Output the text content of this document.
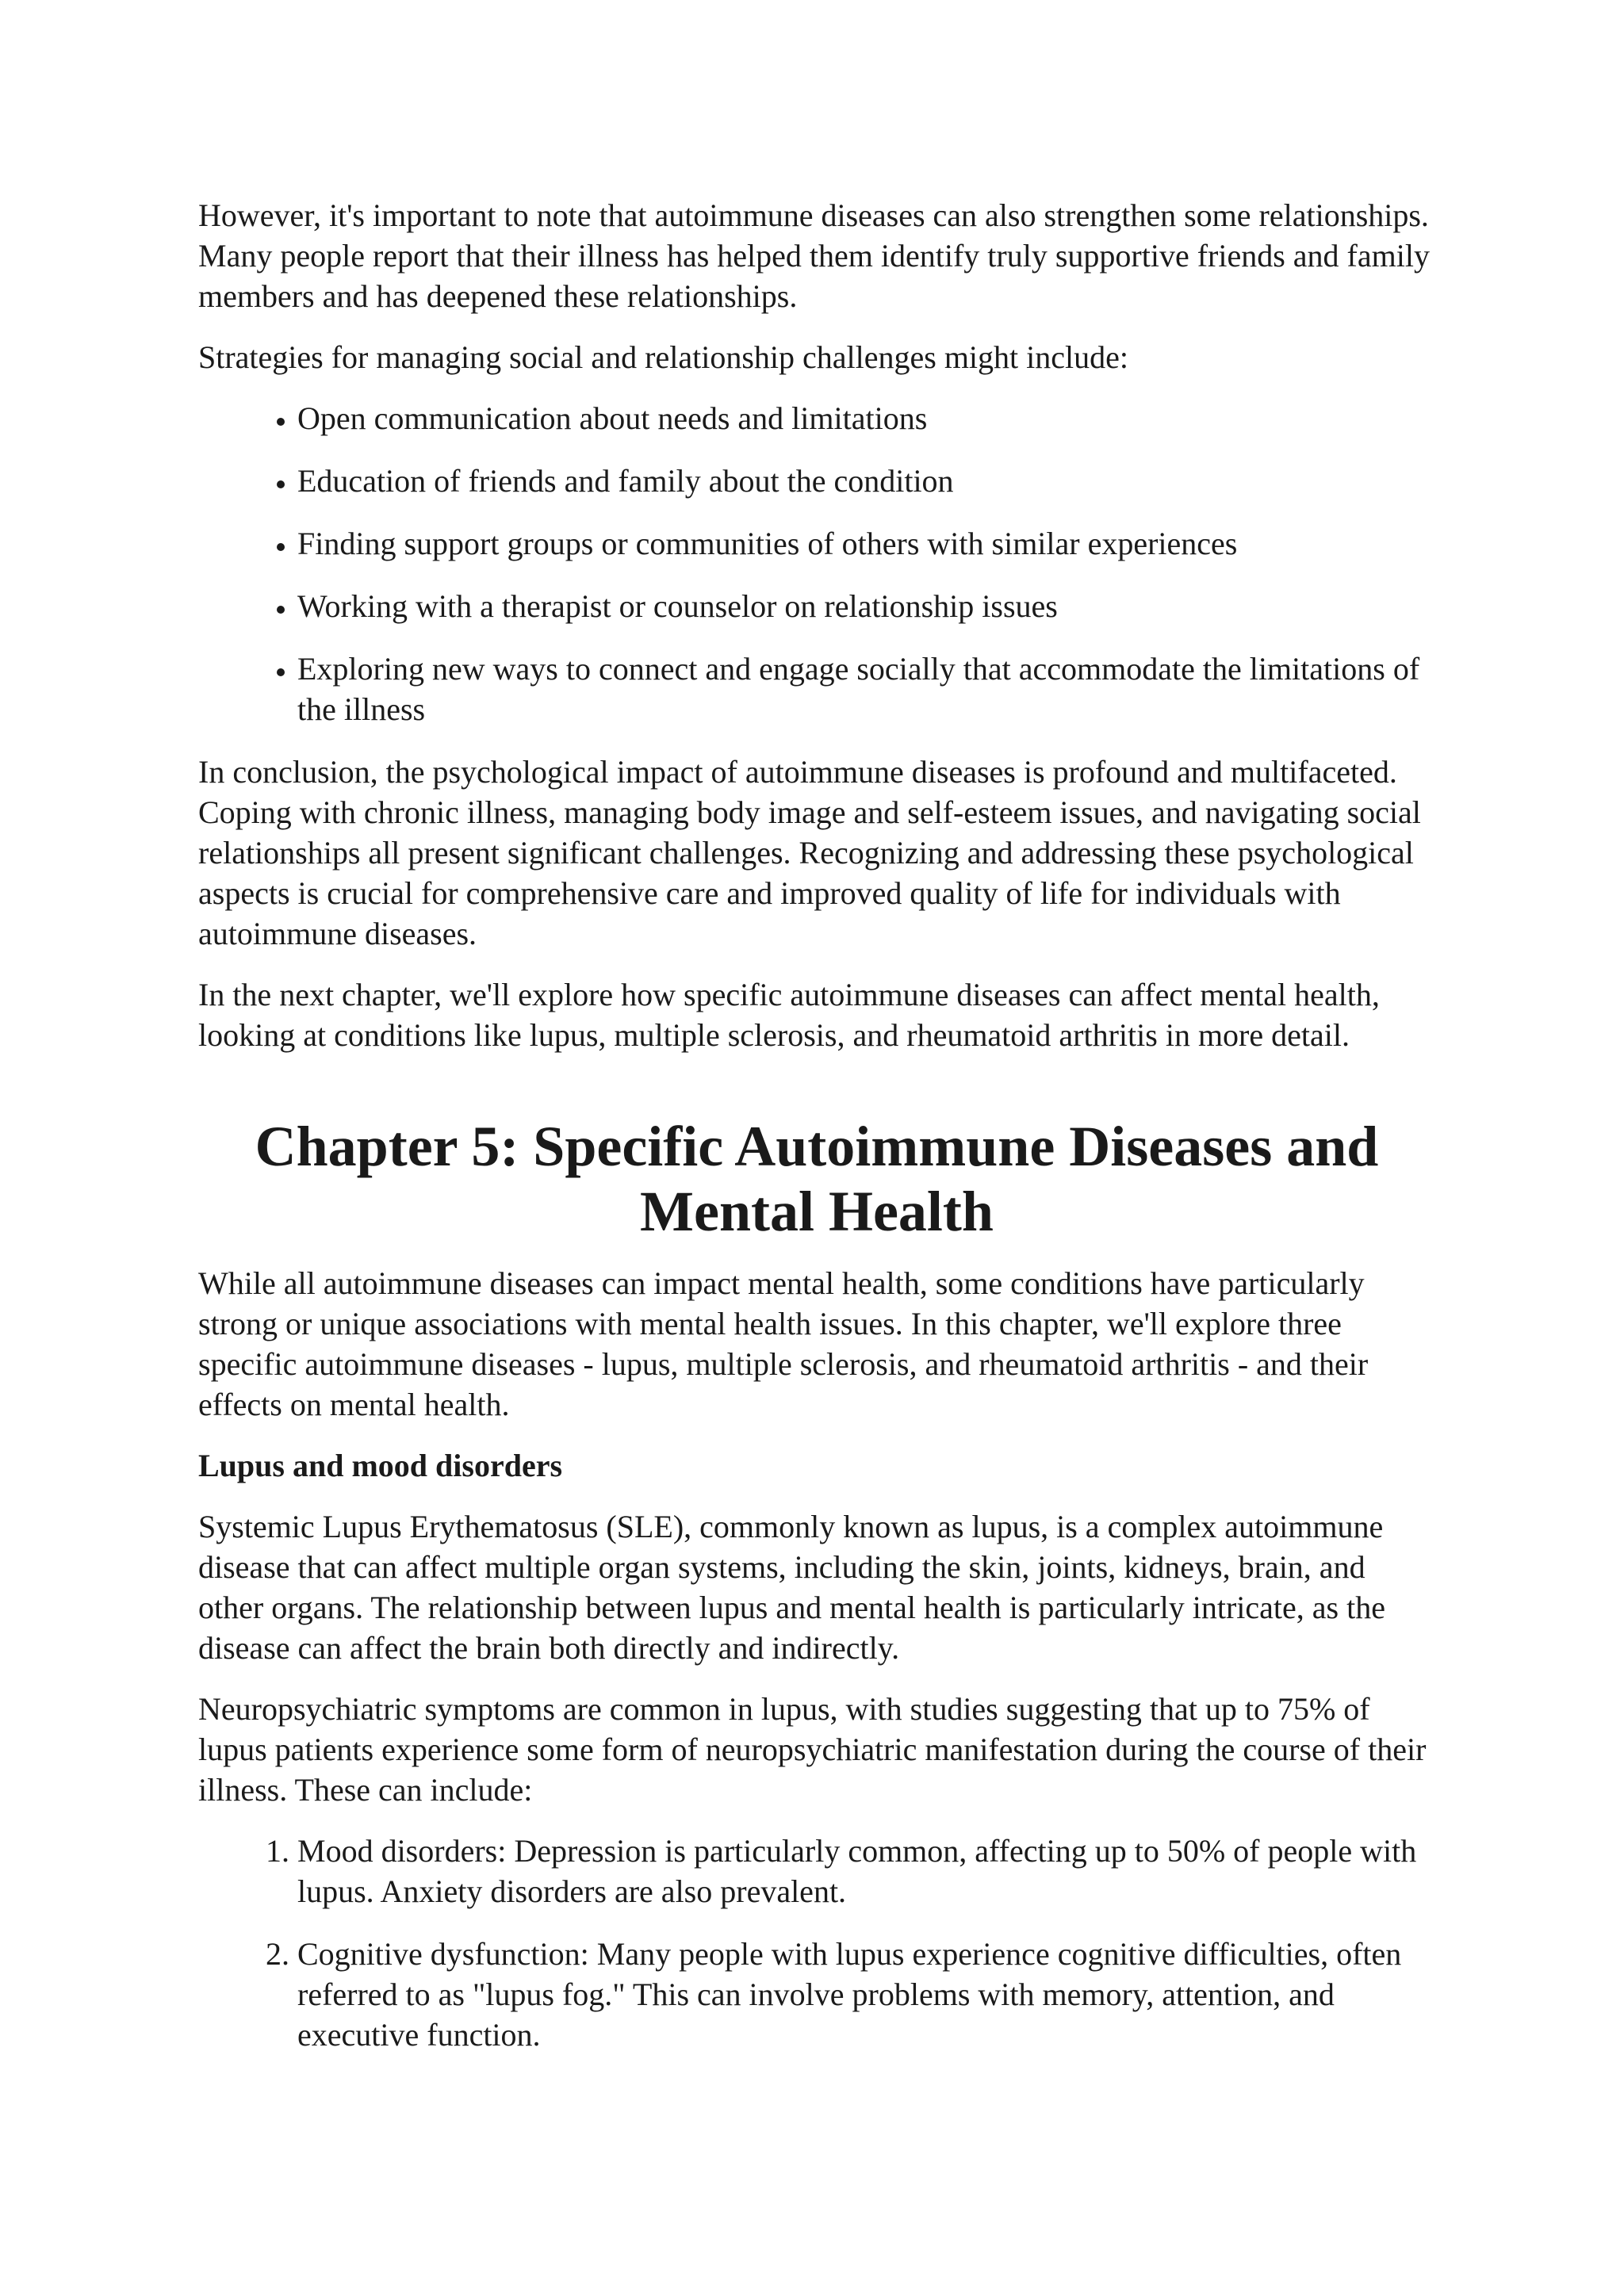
However, it's important to note that autoimmune diseases can also strengthen some relationships. Many people report that their illness has helped them identify truly supportive friends and family members and has deepened these relationships.

Strategies for managing social and relationship challenges might include:

• Open communication about needs and limitations
• Education of friends and family about the condition
• Finding support groups or communities of others with similar experiences
• Working with a therapist or counselor on relationship issues
• Exploring new ways to connect and engage socially that accommodate the limitations of the illness

In conclusion, the psychological impact of autoimmune diseases is profound and multifaceted. Coping with chronic illness, managing body image and self-esteem issues, and navigating social relationships all present significant challenges. Recognizing and addressing these psychological aspects is crucial for comprehensive care and improved quality of life for individuals with autoimmune diseases.

In the next chapter, we'll explore how specific autoimmune diseases can affect mental health, looking at conditions like lupus, multiple sclerosis, and rheumatoid arthritis in more detail.

Chapter 5: Specific Autoimmune Diseases and Mental Health

While all autoimmune diseases can impact mental health, some conditions have particularly strong or unique associations with mental health issues. In this chapter, we'll explore three specific autoimmune diseases - lupus, multiple sclerosis, and rheumatoid arthritis - and their effects on mental health.

Lupus and mood disorders

Systemic Lupus Erythematosus (SLE), commonly known as lupus, is a complex autoimmune disease that can affect multiple organ systems, including the skin, joints, kidneys, brain, and other organs. The relationship between lupus and mental health is particularly intricate, as the disease can affect the brain both directly and indirectly.

Neuropsychiatric symptoms are common in lupus, with studies suggesting that up to 75% of lupus patients experience some form of neuropsychiatric manifestation during the course of their illness. These can include:

1. Mood disorders: Depression is particularly common, affecting up to 50% of people with lupus. Anxiety disorders are also prevalent.
2. Cognitive dysfunction: Many people with lupus experience cognitive difficulties, often referred to as "lupus fog." This can involve problems with memory, attention, and executive function.
